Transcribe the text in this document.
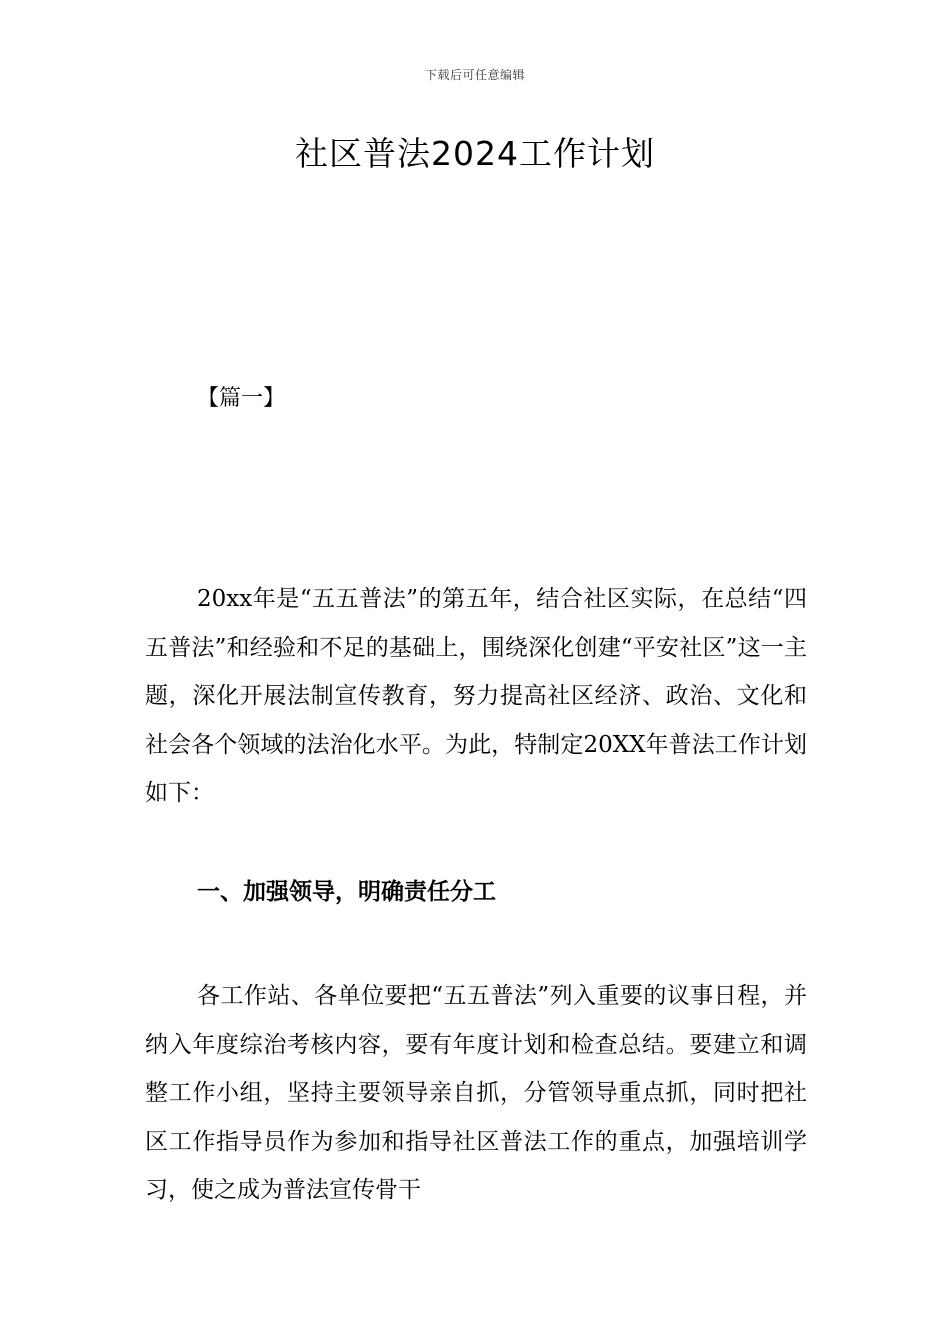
下载后可任意编辑
社区普法2024工作计划
【篇一】

20xx年是“五五普法”的第五年，结合社区实际，在总结“四五普法”和经验和不足的基础上，围绕深化创建“平安社区”这一主题，深化开展法制宣传教育，努力提高社区经济、政治、文化和社会各个领域的法治化水平。为此，特制定20XX年普法工作计划如下：

一、加强领导，明确责任分工

各工作站、各单位要把“五五普法”列入重要的议事日程，并纳入年度综治考核内容，要有年度计划和检查总结。要建立和调整工作小组，坚持主要领导亲自抓，分管领导重点抓，同时把社区工作指导员作为参加和指导社区普法工作的重点，加强培训学习，使之成为普法宣传骨干
